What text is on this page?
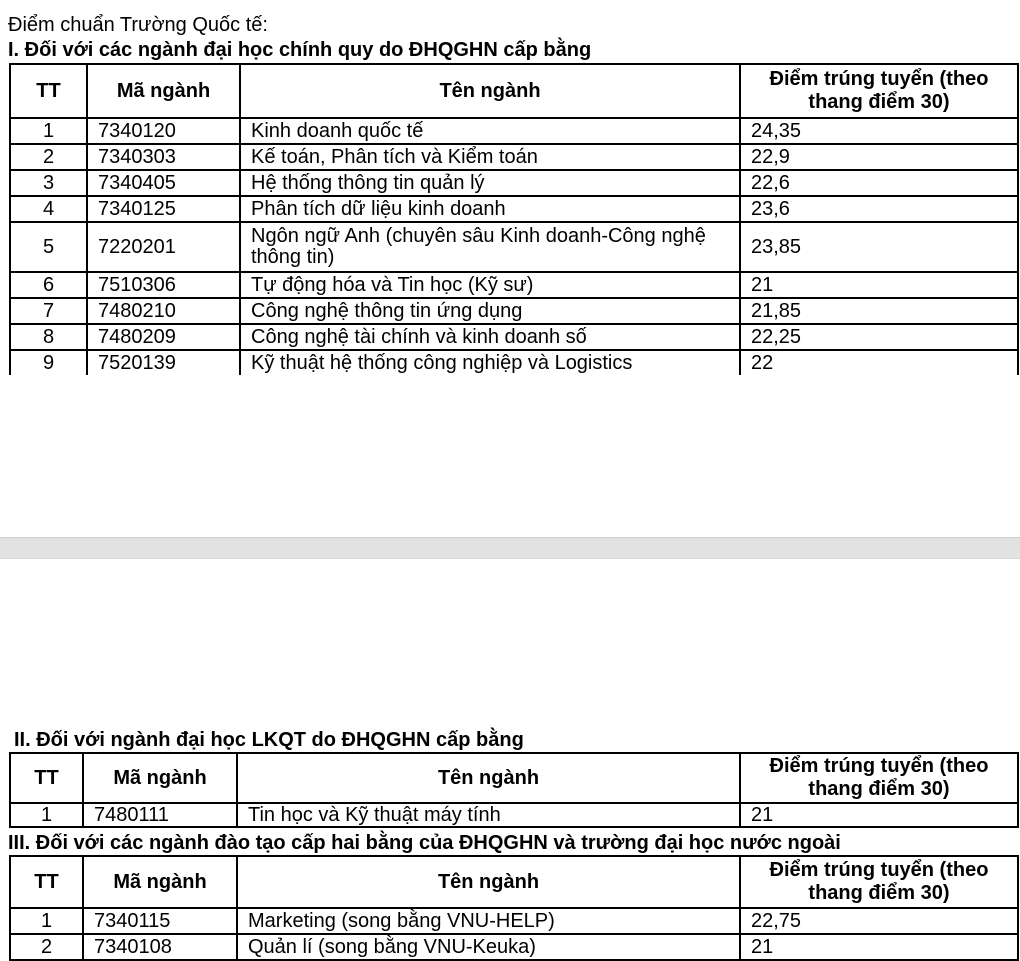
Điểm chuẩn Trường Quốc tế:
I. Đối với các ngành đại học chính quy do ĐHQGHN cấp bằng
TT	Mã ngành	Tên ngành	Điểm trúng tuyển (theo
thang điểm 30)
1	7340120	Kinh doanh quốc tế	24,35
2	7340303	Kế toán, Phân tích và Kiểm toán	22,9
3	7340405	Hệ thống thông tin quản lý	22,6
4	7340125	Phân tích dữ liệu kinh doanh	23,6
5	7220201	Ngôn ngữ Anh (chuyên sâu Kinh doanh-Công nghệ thông tin)	23,85
6	7510306	Tự động hóa và Tin học (Kỹ sư)	21
7	7480210	Công nghệ thông tin ứng dụng	21,85
8	7480209	Công nghệ tài chính và kinh doanh số	22,25
9	7520139	Kỹ thuật hệ thống công nghiệp và Logistics	22
II. Đối với ngành đại học LKQT do ĐHQGHN cấp bằng
TT	Mã ngành	Tên ngành	Điểm trúng tuyển (theo
thang điểm 30)
1	7480111	Tin học và Kỹ thuật máy tính	21
III. Đối với các ngành đào tạo cấp hai bằng của ĐHQGHN và trường đại học nước ngoài
TT	Mã ngành	Tên ngành	Điểm trúng tuyển (theo
thang điểm 30)
1	7340115	Marketing (song bằng VNU-HELP)	22,75
2	7340108	Quản lí (song bằng VNU-Keuka)	21
